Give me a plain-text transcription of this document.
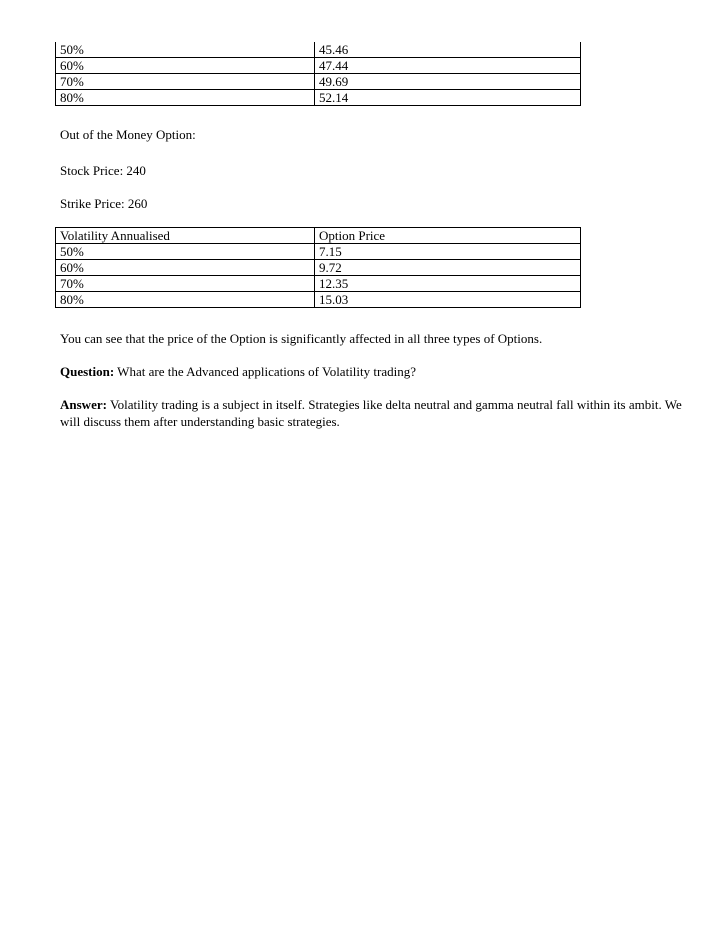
50%	45.46
60%	47.44
70%	49.69
80%	52.14

Out of the Money Option:

Stock Price: 240

Strike Price: 260

Volatility Annualised	Option Price
50%	7.15
60%	9.72
70%	12.35
80%	15.03

You can see that the price of the Option is significantly affected in all three types of Options.

Question: What are the Advanced applications of Volatility trading?

Answer: Volatility trading is a subject in itself. Strategies like delta neutral and gamma neutral fall within its ambit. We will discuss them after understanding basic strategies.
